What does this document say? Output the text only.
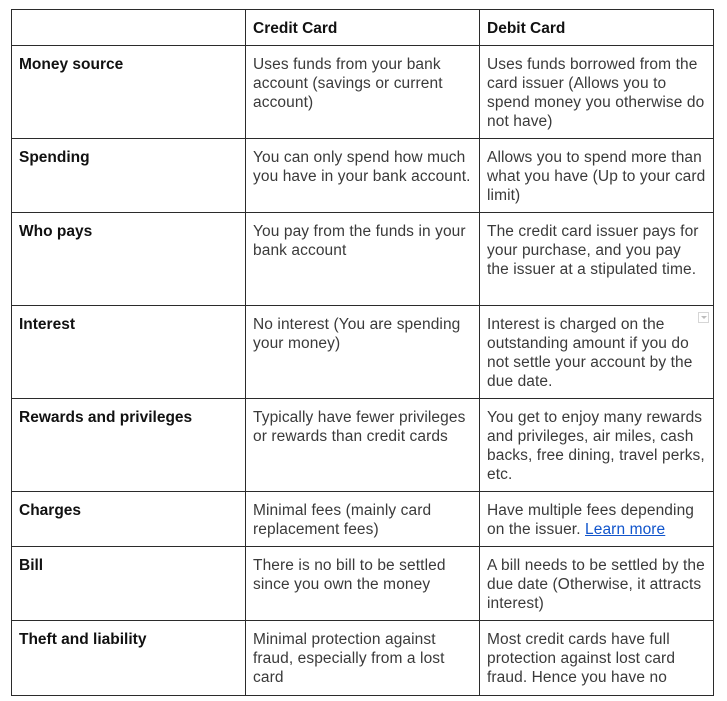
	Credit Card	Debit Card
Money source	Uses funds from your bank account (savings or current account)	Uses funds borrowed from the card issuer (Allows you to spend money you otherwise do not have)
Spending	You can only spend how much you have in your bank account.	Allows you to spend more than what you have (Up to your card limit)
Who pays	You pay from the funds in your bank account	The credit card issuer pays for your purchase, and you pay the issuer at a stipulated time.
Interest	No interest (You are spending your money)	Interest is charged on the outstanding amount if you do not settle your account by the due date.

Rewards and privileges	Typically have fewer privileges or rewards than credit cards	You get to enjoy many rewards and privileges, air miles, cash backs, free dining, travel perks, etc.
Charges	Minimal fees (mainly card replacement fees)	Have multiple fees depending on the issuer. Learn more
Bill	There is no bill to be settled since you own the money	A bill needs to be settled by the due date (Otherwise, it attracts interest)
Theft and liability	Minimal protection against fraud, especially from a lost card	Most credit cards have full protection against lost card fraud. Hence you have no
